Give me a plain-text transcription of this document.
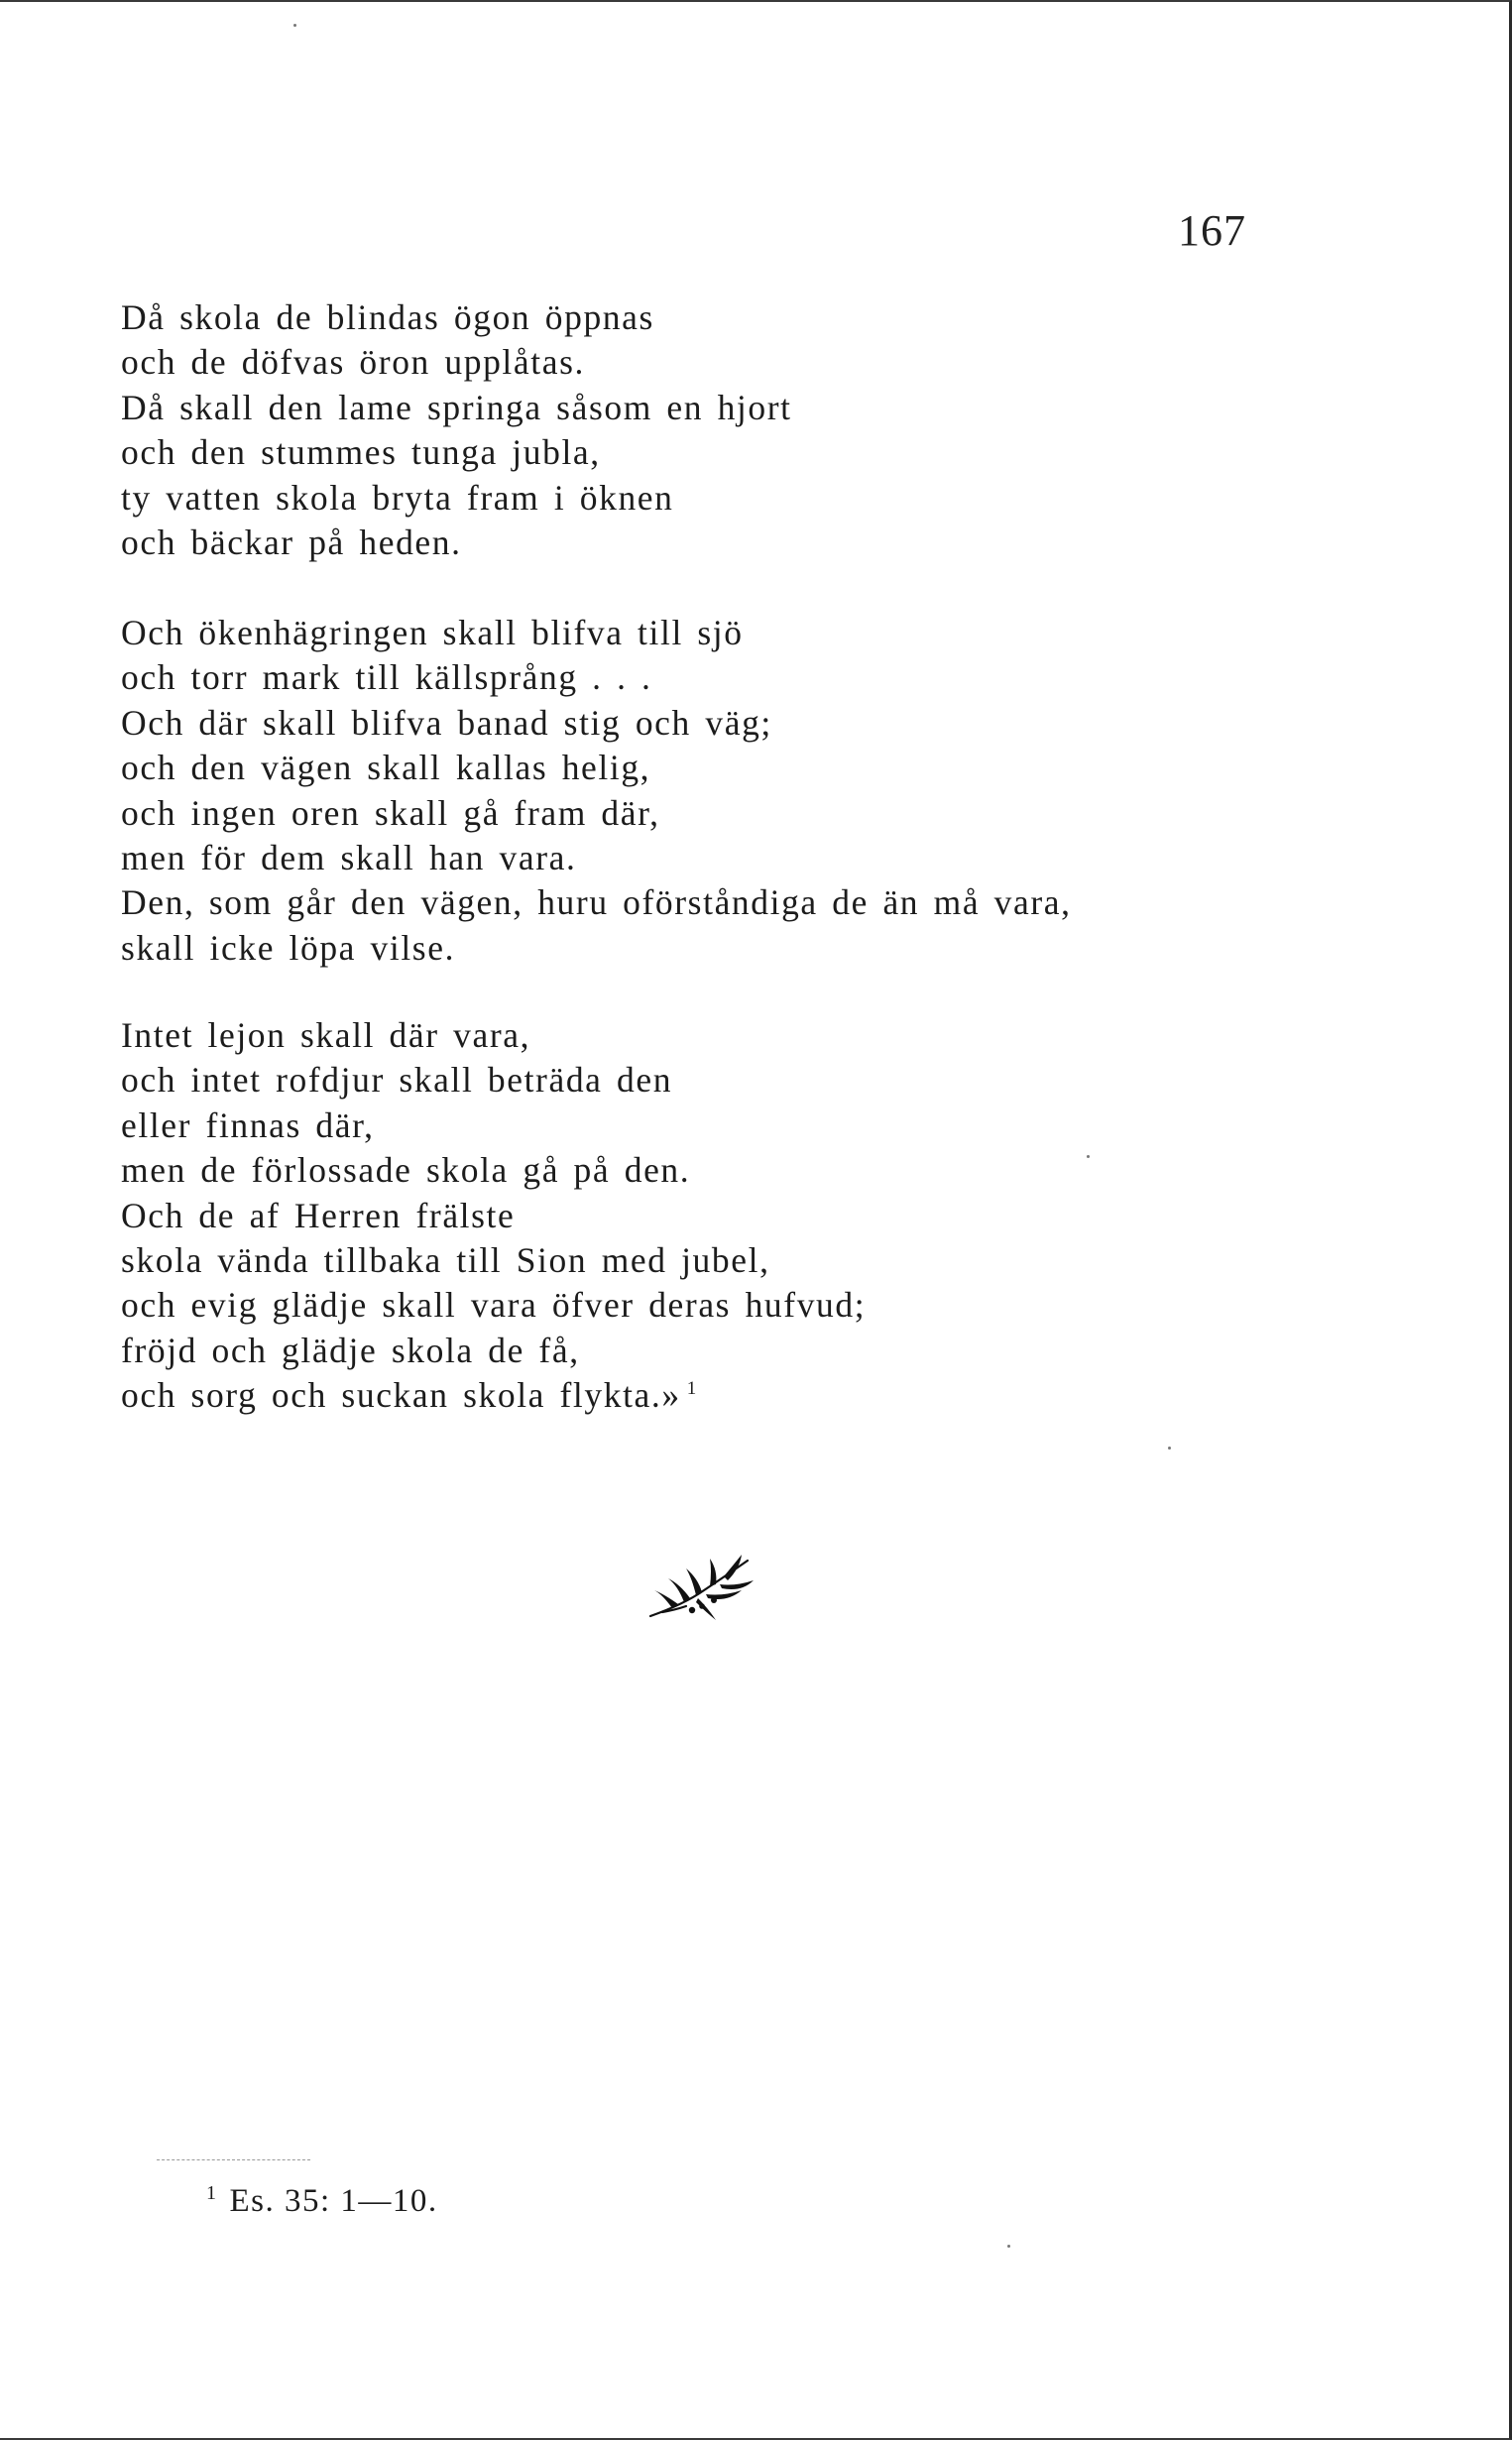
167
Då skola de blindas ögon öppnas
och de döfvas öron upplåtas.
Då skall den lame springa såsom en hjort
och den stummes tunga jubla,
ty vatten skola bryta fram i öknen
och bäckar på heden.
Och ökenhägringen skall blifva till sjö
och torr mark till källsprång . . .
Och där skall blifva banad stig och väg;
och den vägen skall kallas helig,
och ingen oren skall gå fram där,
men för dem skall han vara.
Den, som går den vägen, huru oförståndiga de än må vara,
skall icke löpa vilse.
Intet lejon skall där vara,
och intet rofdjur skall beträda den
eller finnas där,
men de förlossade skola gå på den.
Och de af Herren frälste
skola vända tillbaka till Sion med jubel,
och evig glädje skall vara öfver deras hufvud;
fröjd och glädje skola de få,
och sorg och suckan skola flykta.» $^1$
$^1$ Es. 35: 1—10.
